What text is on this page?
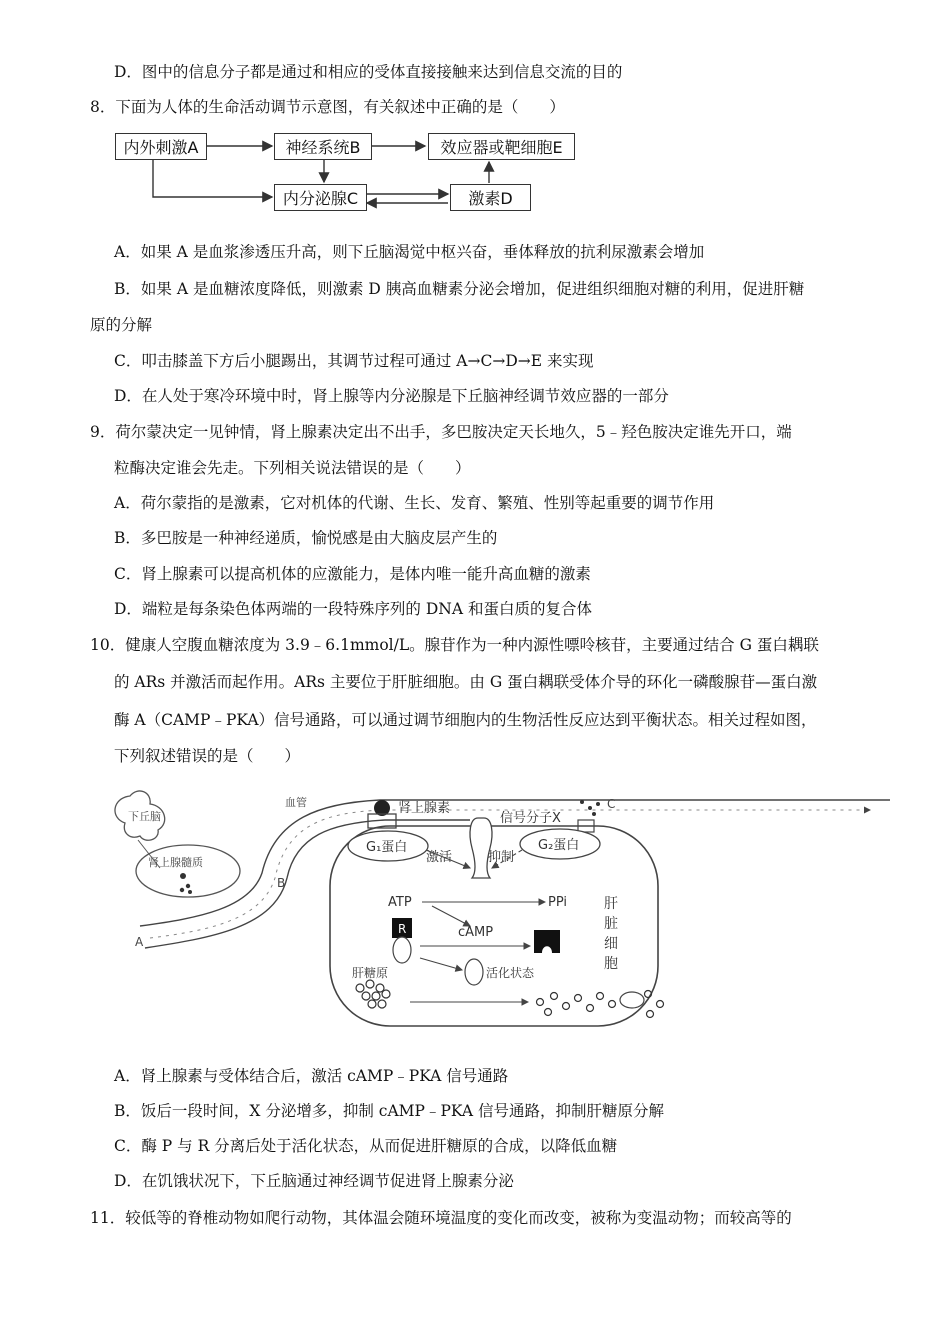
D．图中的信息分子都是通过和相应的受体直接接触来达到信息交流的目的
8．下面为人体的生命活动调节示意图，有关叙述中正确的是（　　）
内外刺激A	神经系统B	效应器或靶细胞E
内分泌腺C	激素D
A．如果 A 是血浆渗透压升高，则下丘脑渴觉中枢兴奋，垂体释放的抗利尿激素会增加
B．如果 A 是血糖浓度降低，则激素 D 胰高血糖素分泌会增加，促进组织细胞对糖的利用，促进肝糖
原的分解
C．叩击膝盖下方后小腿踢出，其调节过程可通过 A→C→D→E 来实现
D．在人处于寒冷环境中时，肾上腺等内分泌腺是下丘脑神经调节效应器的一部分
9．荷尔蒙决定一见钟情，肾上腺素决定出不出手，多巴胺决定天长地久，5﹣羟色胺决定谁先开口，端
粒酶决定谁会先走。下列相关说法错误的是（　　）
A．荷尔蒙指的是激素，它对机体的代谢、生长、发育、繁殖、性别等起重要的调节作用
B．多巴胺是一种神经递质，愉悦感是由大脑皮层产生的
C．肾上腺素可以提高机体的应激能力，是体内唯一能升高血糖的激素
D．端粒是每条染色体两端的一段特殊序列的 DNA 和蛋白质的复合体
10．健康人空腹血糖浓度为 3.9﹣6.1mmol/L。腺苷作为一种内源性嘌呤核苷，主要通过结合 G 蛋白耦联
的 ARs 并激活而起作用。ARs 主要位于肝脏细胞。由 G 蛋白耦联受体介导的环化一磷酸腺苷—蛋白激
酶 A（CAMP﹣PKA）信号通路，可以通过调节细胞内的生物活性反应达到平衡状态。相关过程如图，
下列叙述错误的是（　　）
下丘脑
肾上腺髓质
血管
A
B
C
肾上腺素
信号分子X
G₁蛋白	G₂蛋白
激活	抑制
ATP	PPi
cAMP
R
活化状态
肝糖原
肝
脏
细
胞
A．肾上腺素与受体结合后，激活 cAMP﹣PKA 信号通路
B．饭后一段时间，X 分泌增多，抑制 cAMP﹣PKA 信号通路，抑制肝糖原分解
C．酶 P 与 R 分离后处于活化状态，从而促进肝糖原的合成，以降低血糖
D．在饥饿状况下，下丘脑通过神经调节促进肾上腺素分泌
11．较低等的脊椎动物如爬行动物，其体温会随环境温度的变化而改变，被称为变温动物；而较高等的
